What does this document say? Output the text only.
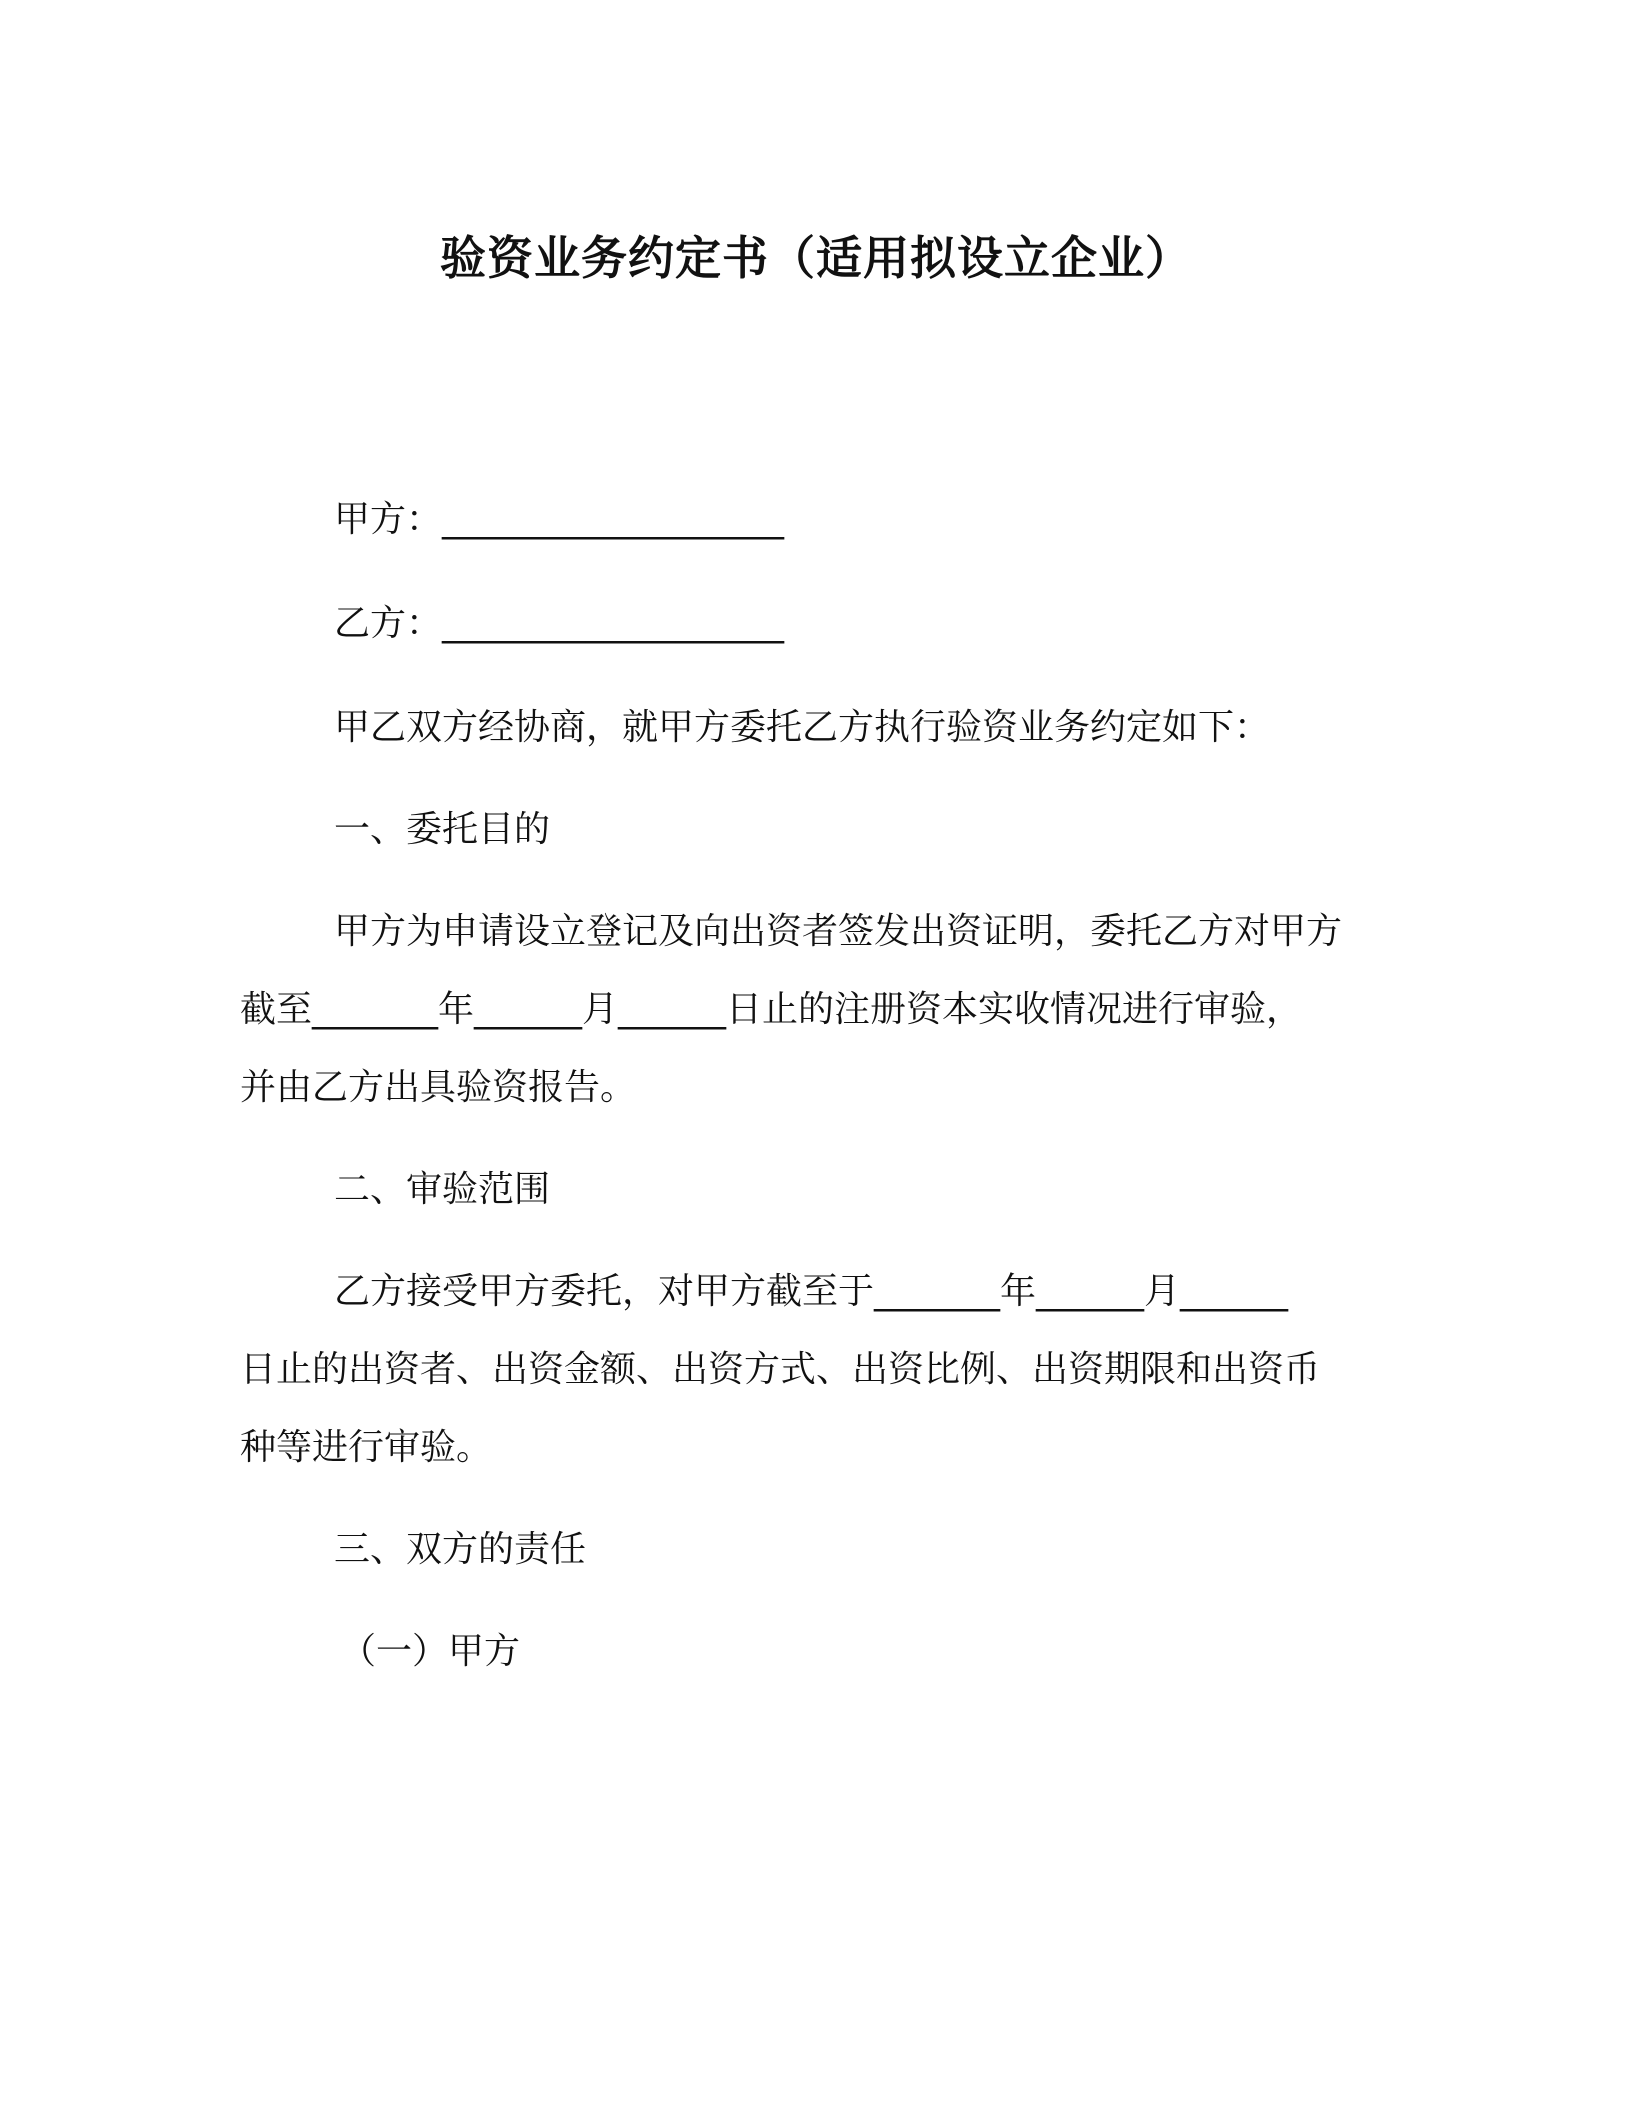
验资业务约定书（适用拟设立企业）
甲方：___________________
乙方：___________________
甲乙双方经协商，就甲方委托乙方执行验资业务约定如下：
一、委托目的
甲方为申请设立登记及向出资者签发出资证明，委托乙方对甲方
截至_______年______月______日止的注册资本实收情况进行审验，
并由乙方出具验资报告。
二、审验范围
乙方接受甲方委托，对甲方截至于_______年______月______
日止的出资者、出资金额、出资方式、出资比例、出资期限和出资币
种等进行审验。
三、双方的责任
（一）甲方
